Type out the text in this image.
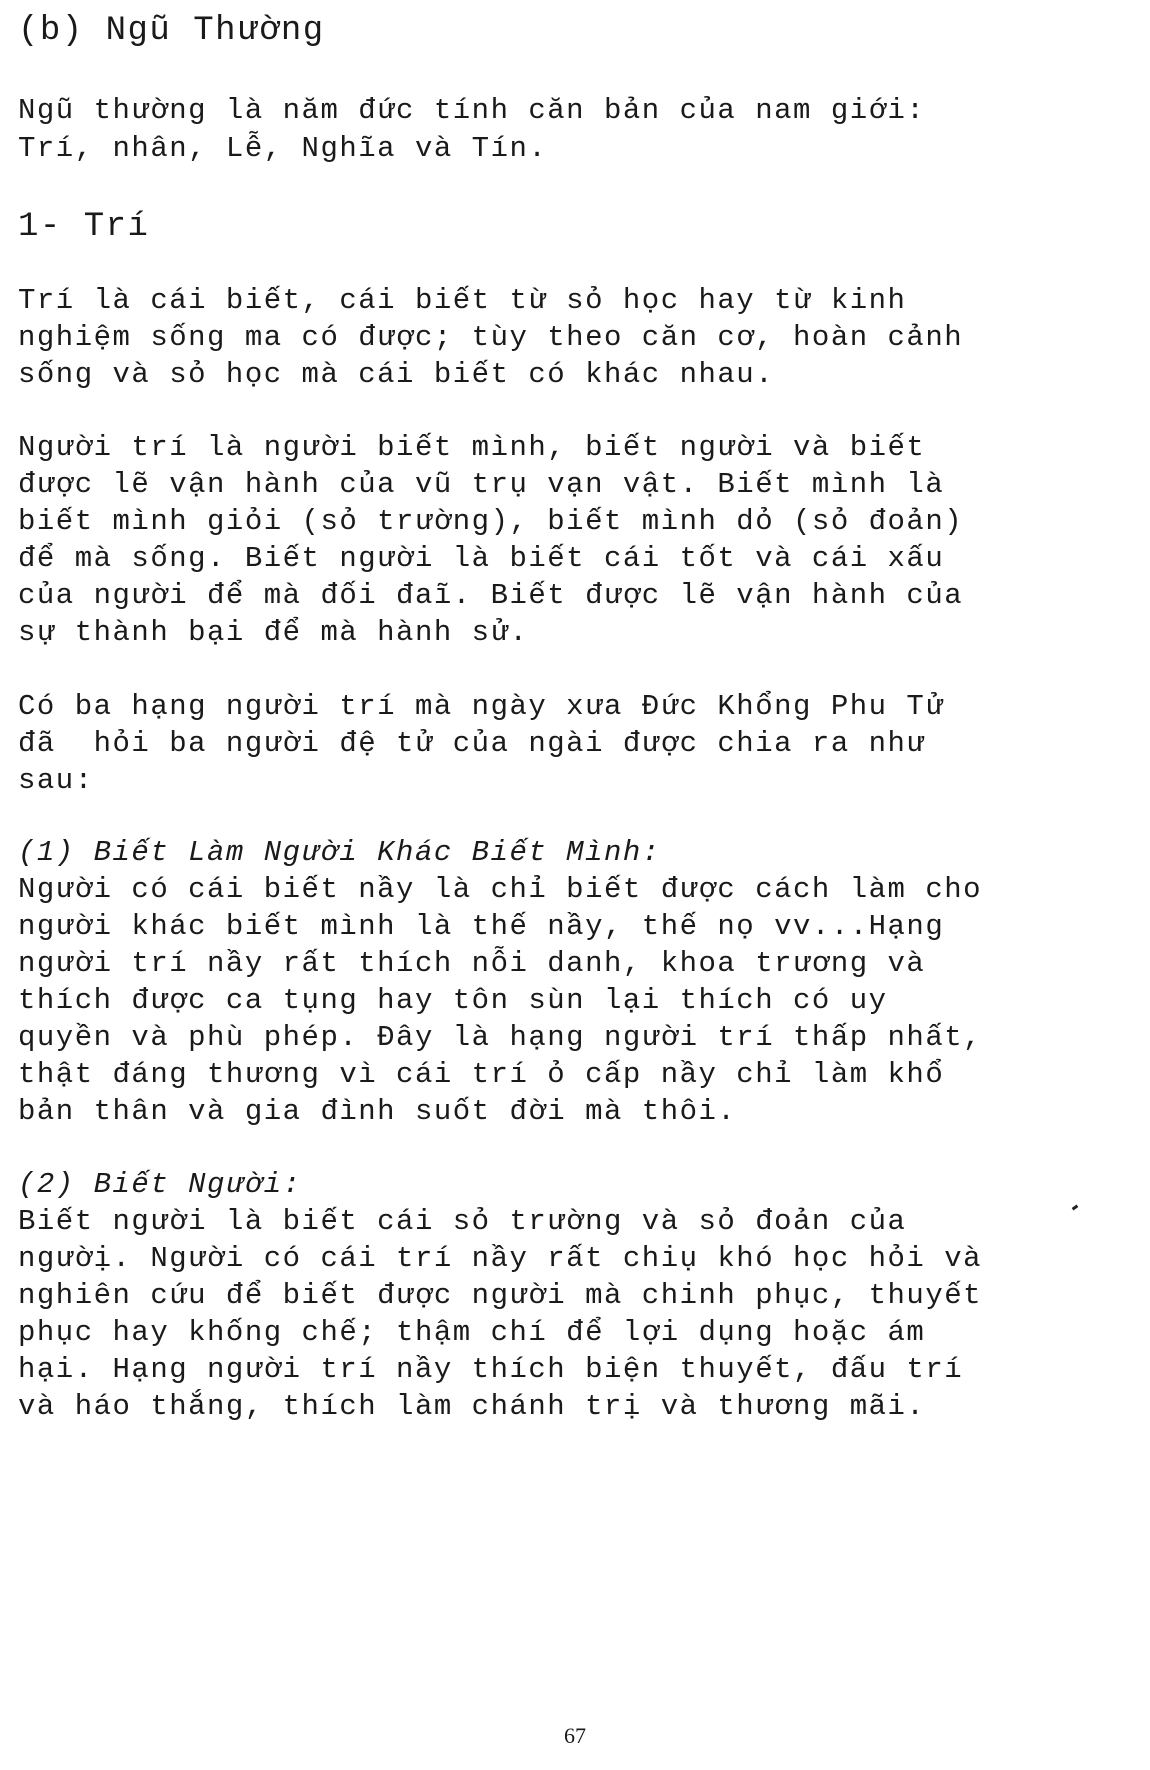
(b) Ngũ Thường
Ngũ thường là năm đức tính căn bản của nam giới:
Trí, nhân, Lễ, Nghĩa và Tín.
1- Trí
Trí là cái biết, cái biết từ sỏ học hay từ kinh
nghiệm sống ma có được; tùy theo căn cơ, hoàn cảnh
sống và sỏ học mà cái biết có khác nhau.
Người trí là người biết mình, biết người và biết
được lẽ vận hành của vũ trụ vạn vật. Biết mình là
biết mình giỏi (sỏ trường), biết mình dỏ (sỏ đoản)
để mà sống. Biết người là biết cái tốt và cái xấu
của người để mà đối đaĩ. Biết được lẽ vận hành của
sự thành bại để mà hành sử.
Có ba hạng người trí mà ngày xưa Đức Khổng Phu Tử
đã  hỏi ba người đệ tử của ngài được chia ra như
sau:
(1) Biết Làm Người Khác Biết Mình:
Người có cái biết nầy là chỉ biết được cách làm cho
người khác biết mình là thế nầy, thế nọ vv...Hạng
người trí nầy rất thích nỗi danh, khoa trương và
thích được ca tụng hay tôn sùn lại thích có uy
quyền và phù phép. Đây là hạng người trí thấp nhất,
thật đáng thương vì cái trí ỏ cấp nầy chỉ làm khổ
bản thân và gia đình suốt đời mà thôi.
(2) Biết Người:
Biết người là biết cái sỏ trường và sỏ đoản của
ngườị. Người có cái trí nầy rất chiụ khó học hỏi và
nghiên cứu để biết được người mà chinh phục, thuyết
phục hay khống chế; thậm chí để lợi dụng hoặc ám
hại. Hạng người trí nầy thích biện thuyết, đấu trí
và háo thắng, thích làm chánh trị và thương mãi.
67
